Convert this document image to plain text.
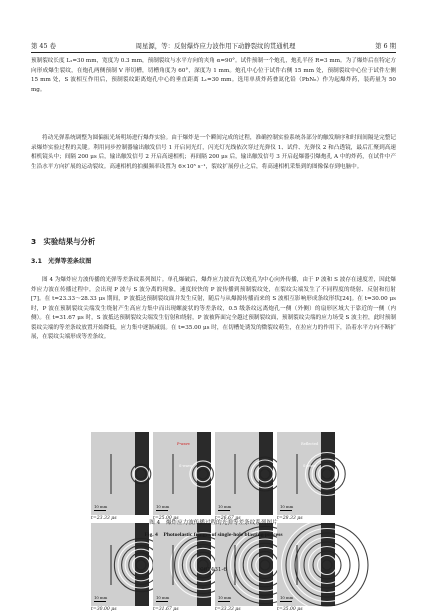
第 45 卷	周星源，等：反射爆炸应力波作用下动静裂纹的贯通机理	第 6 期

预制裂纹长度 L₂=30 mm，宽度为 0.3 mm，预制裂纹与水平方向的夹角 α=90°。试件预制一个炮孔，炮孔半径 R=3 mm。为了爆炸后在特定方向形成爆生裂纹，在炮孔两侧预制 V 形切槽，切槽角度为 60°，深度为 1 mm。炮孔中心位于试件右侧 15 mm 处，预制裂纹中心位于试件左侧 15 mm 处，S 波相互作用后，预制裂纹距离炮孔中心的垂直距离 L₁=30 mm。选用单质炸药叠氮化铅（PbN₆）作为起爆炸药，装药量为 50 mg。

将动光弹系统调整为圆偏振光场明场进行爆炸实验。由于爆炸是一个瞬间完成的过程，准确控制实验系统各部分的触发顺序和时间间隔是完整记录爆炸实验过程的关键。利用同步控制器输出触发信号 1 开启同光灯，闪光灯光线依次穿过光弹仪 1、试件、光弹仪 2 和凸透镜，最后汇聚到高速相机镜头中；间隔 200 μs 后，输出触发信号 2 开启高速相机；再间隔 200 μs 后，输出触发信号 3 开启起爆器引爆炮孔 A 中的炸药，在试件中产生沿水平方向扩展的运动裂纹。高速相机的拍摄频率设置为 6×10⁵ s⁻¹，裂纹扩展停止之后，将高速相机采集到的图像保存到电脑中。

3　实验结果与分析
3.1　光弹等差条纹图

图 4 为爆炸应力波传播的光弹等差条纹系列图片。单孔爆破后，爆炸应力波首先以炮孔为中心向外传播，由于 P 波和 S 波存在速度差，因此爆炸应力波在传播过程中，会出现 P 波与 S 波分离的现象，速度较快的 P 波传播到预制裂纹处，在裂纹尖端发生了不同程度的绕射、反射和衍射[7]。在 t=23.33～28.33 μs 期间，P 波抵达预制裂纹面并发生反射，随后与从爆源传播而来的 S 波相互影响形成条纹形状[24]。在 t=30.00 μs 时，P 波在预制裂纹尖端发生绕射产生高应力集中而出现螺旋状的等差条纹，0.5 级条纹远离炮孔一侧（外侧）的扇形区域大于靠近的一侧（内侧）。在 t=31.67 μs 时，S 波抵达预制裂纹尖端发生衍射和绕射，P 波被阵面完全越过预制裂纹面，预制裂纹尖端的应力场受 S 波主控，此时预制裂纹尖端的等差条纹放置开始降低，应力集中逐渐减弱。在 t=35.00 μs 时，在切槽处诱发的微裂纹萌生，在拉应力的作用下，沿着水平方向不断扩展，在裂纹尖端形成等差条纹。

10 mm
t=23.33 μs
P-wave
S-wave
10 mm
t=25.00 μs
10 mm
t=26.67 μs
Reflected
S-wave
10 mm
t=28.33 μs
10 mm
t=30.00 μs
10 mm
t=31.67 μs
10 mm
t=33.33 μs
10 mm
t=35.00 μs
图 4　爆炸应力波传播过程的光弹等差条纹系列图片
Fig. 4　Photoelastic fringes of single-hole blasting process
061431-6
